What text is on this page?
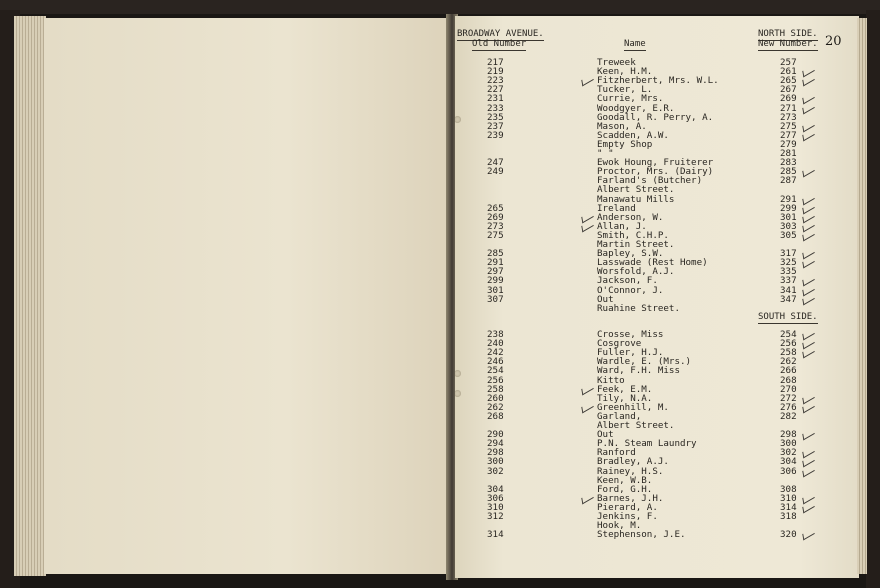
BROADWAY AVENUE.
Old Number	Name
NORTH SIDE.
New Number. 20
217	Treweek	257
219	Keen, H.M.	261
223	Fitzherbert, Mrs. W.L.	265
227	Tucker, L.	267
231	Currie, Mrs.	269
233	Woodgyer, E.R.	271
235	Goodall, R. Perry, A.	273
237	Mason, A.	275
239	Scadden, A.W.	277
Empty Shop	279
" "	281
247	Ewok Houng, Fruiterer	283
249	Proctor, Mrs. (Dairy)	285
Farland's (Butcher)	287
Albert Street.
Manawatu Mills	291
265	Ireland	299
269	Anderson, W.	301
273	Allan, J.	303
275	Smith, C.H.P.	305
Martin Street.
285	Bapley, S.W.	317
291	Lasswade (Rest Home)	325
297	Worsfold, A.J.	335
299	Jackson, F.	337
301	O'Connor, J.	341
307	Out	347
Ruahine Street.
SOUTH SIDE.
238	Crosse, Miss	254
240	Cosgrove	256
242	Fuller, H.J.	258
246	Wardle, E. (Mrs.)	262
254	Ward, F.H. Miss	266
256	Kitto	268
258	Feek, E.M.	270
260	Tily, N.A.	272
262	Greenhill, M.	276
268	Garland,	282
Albert Street.
290	Out	298
294	P.N. Steam Laundry	300
298	Ranford	302
300	Bradley, A.J.	304
302	Rainey, H.S.	306
Keen, W.B.
304	Ford, G.H.	308
306	Barnes, J.H.	310
310	Pierard, A.	314
312	Jenkins, F.	318
Hook, M.
314	Stephenson, J.E.	320
